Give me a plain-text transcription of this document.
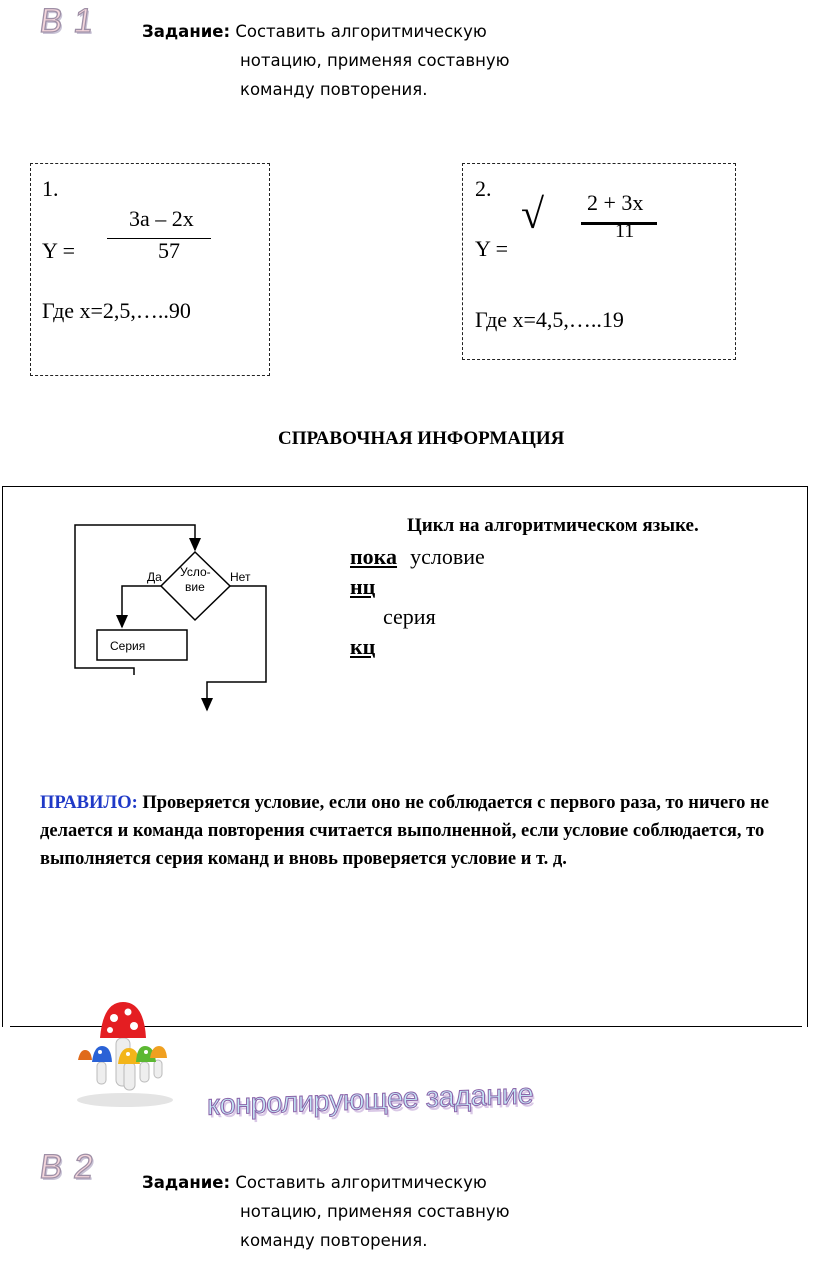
B 1	Задание: Составить алгоритмическую
нотацию, применяя составную
команду повторения.
1.
3a – 2x
Y =	57
Где x=2,5,…..90
2.
2 + 3x
11
Y =
√
Где x=4,5,…..19
СПРАВОЧНАЯ ИНФОРМАЦИЯ
Усло-
вие
Да	Нет
Серия
Цикл на алгоритмическом языке.
пока условие
нц
серия
кц
ПРАВИЛО: Проверяется условие, если оно не соблюдается с первого раза, то ничего не делается и команда повторения считается выполненной, если условие соблюдается, то выполняется серия команд и вновь проверяется условие и т. д.
конролирующее задание
B 2	Задание: Составить алгоритмическую
нотацию, применяя составную
команду повторения.
